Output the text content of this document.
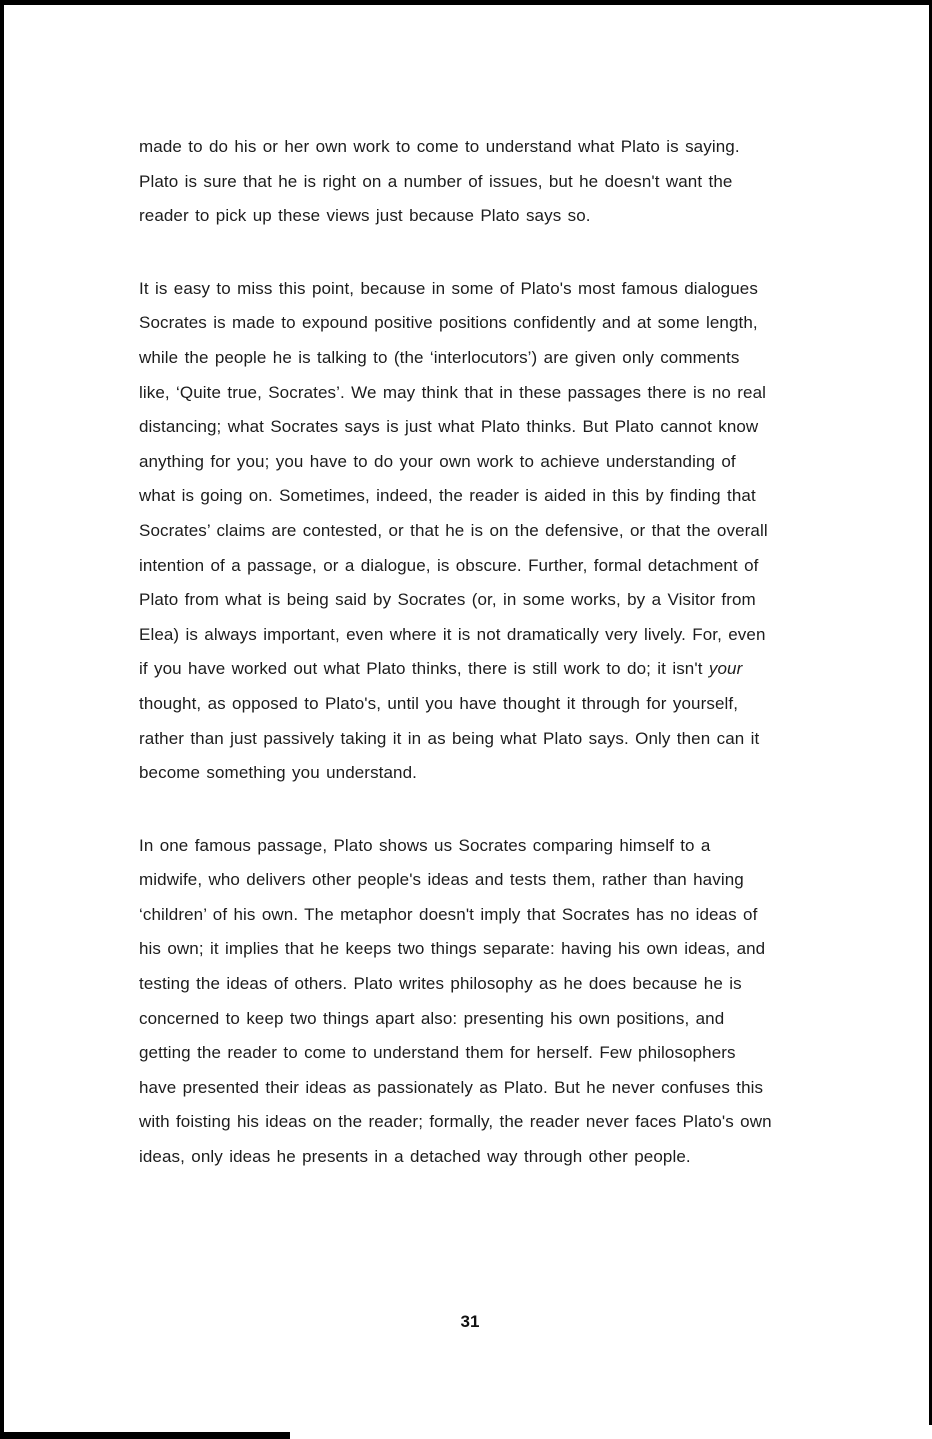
made to do his or her own work to come to understand what Plato is saying.
Plato is sure that he is right on a number of issues, but he doesn't want the
reader to pick up these views just because Plato says so.
It is easy to miss this point, because in some of Plato's most famous dialogues
Socrates is made to expound positive positions confidently and at some length,
while the people he is talking to (the ‘interlocutors’) are given only comments
like, ‘Quite true, Socrates’. We may think that in these passages there is no real
distancing; what Socrates says is just what Plato thinks. But Plato cannot know
anything for you; you have to do your own work to achieve understanding of
what is going on. Sometimes, indeed, the reader is aided in this by finding that
Socrates’ claims are contested, or that he is on the defensive, or that the overall
intention of a passage, or a dialogue, is obscure. Further, formal detachment of
Plato from what is being said by Socrates (or, in some works, by a Visitor from
Elea) is always important, even where it is not dramatically very lively. For, even
if you have worked out what Plato thinks, there is still work to do; it isn't your
thought, as opposed to Plato's, until you have thought it through for yourself,
rather than just passively taking it in as being what Plato says. Only then can it
become something you understand.
In one famous passage, Plato shows us Socrates comparing himself to a
midwife, who delivers other people's ideas and tests them, rather than having
‘children’ of his own. The metaphor doesn't imply that Socrates has no ideas of
his own; it implies that he keeps two things separate: having his own ideas, and
testing the ideas of others. Plato writes philosophy as he does because he is
concerned to keep two things apart also: presenting his own positions, and
getting the reader to come to understand them for herself. Few philosophers
have presented their ideas as passionately as Plato. But he never confuses this
with foisting his ideas on the reader; formally, the reader never faces Plato's own
ideas, only ideas he presents in a detached way through other people.
31
